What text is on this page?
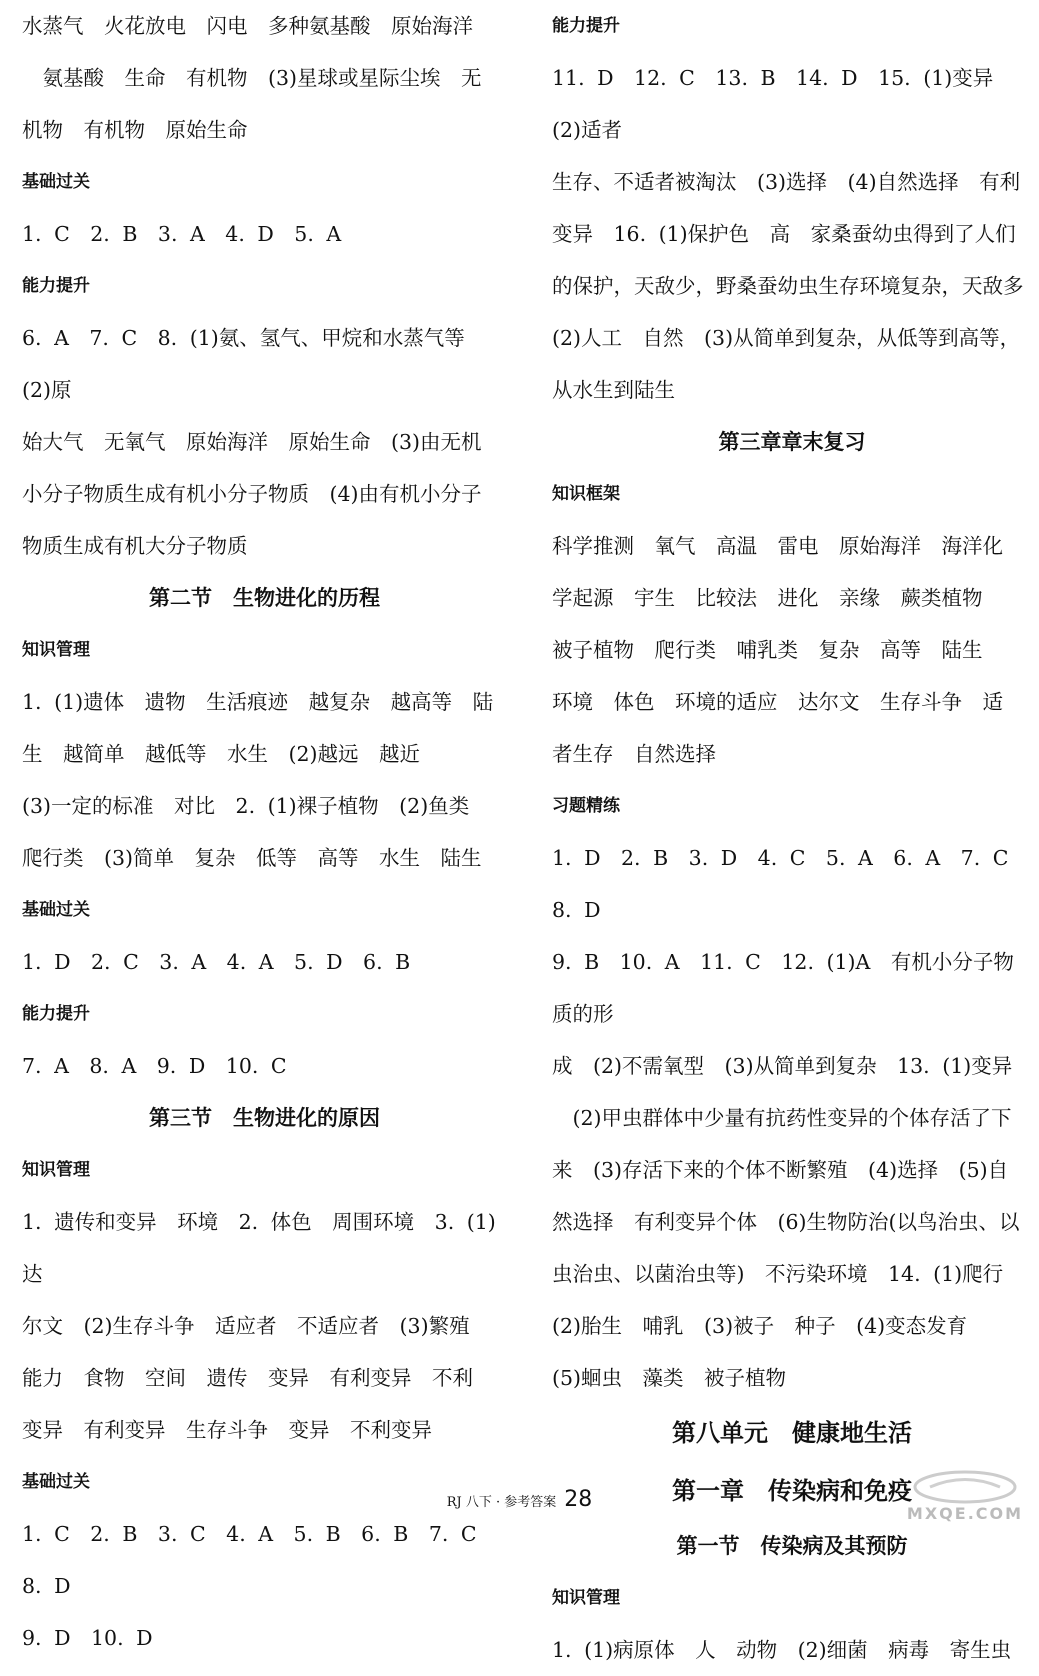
水蒸气　火花放电　闪电　多种氨基酸　原始海洋

　氨基酸　生命　有机物　(3)星球或星际尘埃　无

机物　有机物　原始生命

基础过关

1. C　2. B　3. A　4. D　5. A

能力提升

6. A　7. C　8. (1)氨、氢气、甲烷和水蒸气等　(2)原

始大气　无氧气　原始海洋　原始生命　(3)由无机

小分子物质生成有机小分子物质　(4)由有机小分子

物质生成有机大分子物质

第二节　生物进化的历程

知识管理

1. (1)遗体　遗物　生活痕迹　越复杂　越高等　陆

生　越简单　越低等　水生　(2)越远　越近

(3)一定的标准　对比　2. (1)裸子植物　(2)鱼类

爬行类　(3)简单　复杂　低等　高等　水生　陆生

基础过关

1. D　2. C　3. A　4. A　5. D　6. B

能力提升

7. A　8. A　9. D　10. C

第三节　生物进化的原因

知识管理

1. 遗传和变异　环境　2. 体色　周围环境　3. (1)达

尔文　(2)生存斗争　适应者　不适应者　(3)繁殖

能力　食物　空间　遗传　变异　有利变异　不利

变异　有利变异　生存斗争　变异　不利变异

基础过关

1. C　2. B　3. C　4. A　5. B　6. B　7. C　8. D

9. D　10. D

能力提升

11. D　12. C　13. B　14. D　15. (1)变异　(2)适者

生存、不适者被淘汰　(3)选择　(4)自然选择　有利

变异　16. (1)保护色　高　家桑蚕幼虫得到了人们

的保护，天敌少，野桑蚕幼虫生存环境复杂，天敌多

(2)人工　自然　(3)从简单到复杂，从低等到高等，

从水生到陆生

第三章章末复习

知识框架

科学推测　氧气　高温　雷电　原始海洋　海洋化

学起源　宇生　比较法　进化　亲缘　蕨类植物

被子植物　爬行类　哺乳类　复杂　高等　陆生

环境　体色　环境的适应　达尔文　生存斗争　适

者生存　自然选择

习题精练

1. D　2. B　3. D　4. C　5. A　6. A　7. C　8. D

9. B　10. A　11. C　12. (1)A　有机小分子物质的形

成　(2)不需氧型　(3)从简单到复杂　13. (1)变异

　(2)甲虫群体中少量有抗药性变异的个体存活了下

来　(3)存活下来的个体不断繁殖　(4)选择　(5)自

然选择　有利变异个体　(6)生物防治(以鸟治虫、以

虫治虫、以菌治虫等)　不污染环境　14. (1)爬行

(2)胎生　哺乳　(3)被子　种子　(4)变态发育

(5)蛔虫　藻类　被子植物

第八单元　健康地生活

第一章　传染病和免疫

第一节　传染病及其预防

知识管理

1. (1)病原体　人　动物　(2)细菌　病毒　寄生虫

RJ 八下 · 参考答案 28
MXQE.COM
